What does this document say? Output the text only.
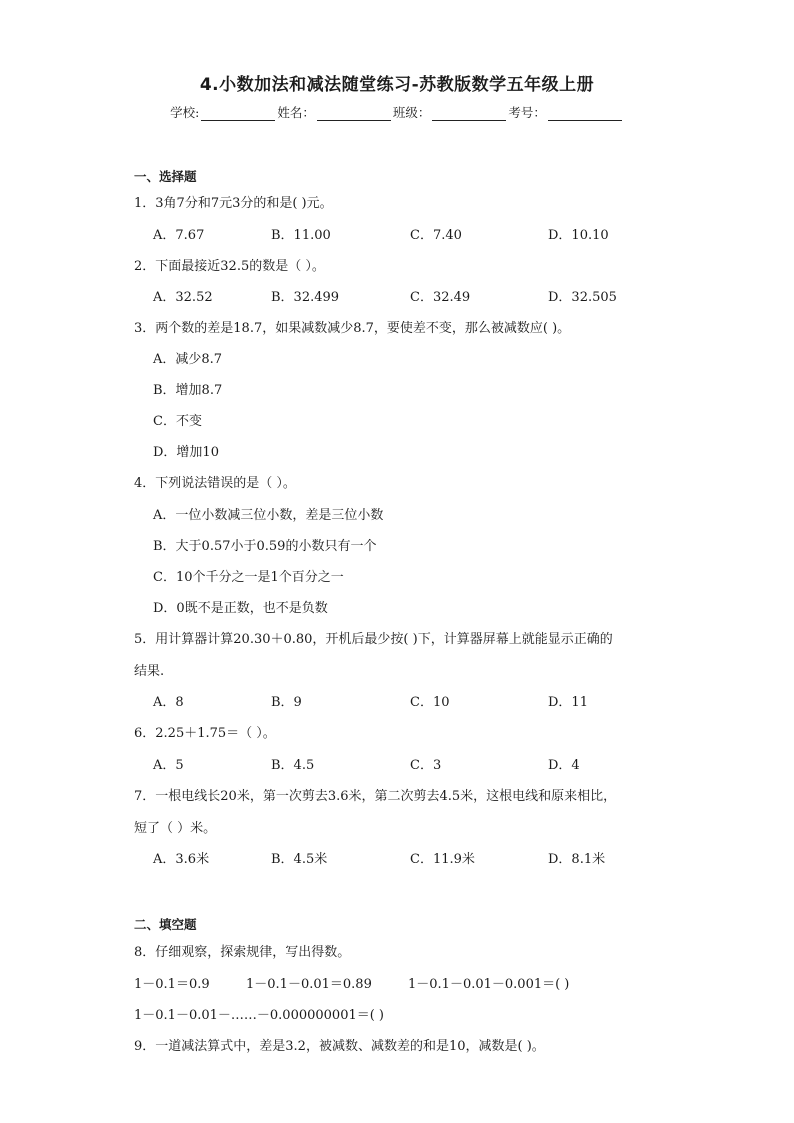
4.小数加法和减法随堂练习-苏教版数学五年级上册
学校:	姓名：	班级：	考号：
一、选择题
1．3角7分和7元3分的和是( )元。
A．7.67	B．11.00	C．7.40	D．10.10
2．下面最接近32.5的数是（ ）。
A．32.52	B．32.499	C．32.49	D．32.505
3．两个数的差是18.7，如果减数减少8.7，要使差不变，那么被减数应( )。
A．减少8.7
B．增加8.7
C．不变
D．增加10
4．下列说法错误的是（ ）。
A．一位小数减三位小数，差是三位小数
B．大于0.57小于0.59的小数只有一个
C．10个千分之一是1个百分之一
D．0既不是正数，也不是负数
5．用计算器计算20.30＋0.80，开机后最少按( )下，计算器屏幕上就能显示正确的
结果.
A．8	B．9	C．10	D．11
6．2.25＋1.75＝（ ）。
A．5	B．4.5	C．3	D．4
7．一根电线长20米，第一次剪去3.6米，第二次剪去4.5米，这根电线和原来相比，
短了（ ）米。
A．3.6米	B．4.5米	C．11.9米	D．8.1米
二、填空题
8．仔细观察，探索规律，写出得数。
1－0.1＝0.9	1－0.1－0.01＝0.89	1－0.1－0.01－0.001＝( )
1－0.1－0.01－……－0.000000001＝( )
9．一道减法算式中，差是3.2，被减数、减数差的和是10，减数是( )。
